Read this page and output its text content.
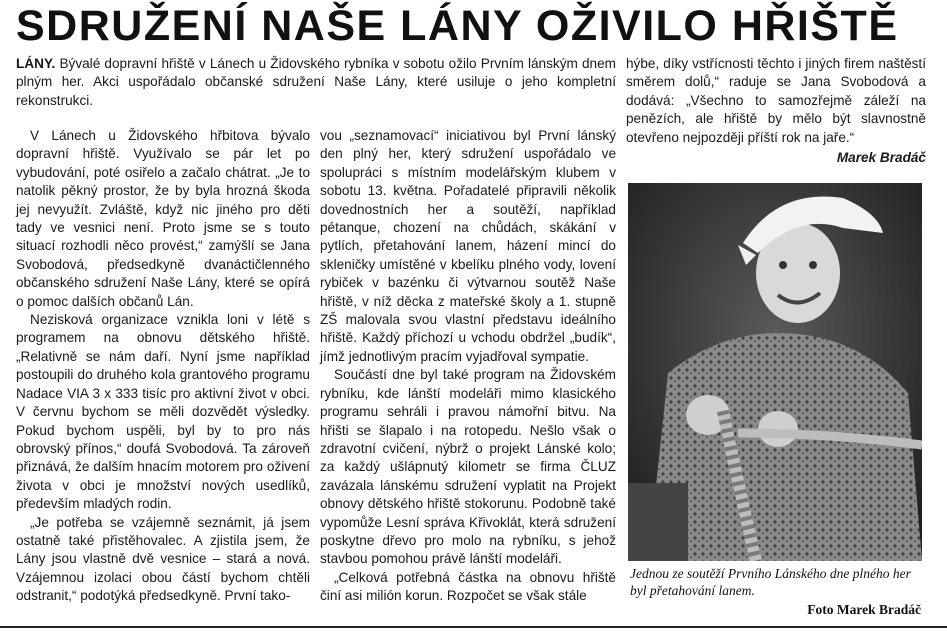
SDRUŽENÍ NAŠE LÁNY OŽIVILO HŘIŠTĚ

LÁNY. Bývalé dopravní hřiště v Lánech u Židovského rybníka v sobotu ožilo Prvním lánským dnem plným her. Akci uspořádalo občanské sdružení Naše Lány, které usiluje o jeho kompletní rekonstrukci.

V Lánech u Židovského hřbitova bývalo dopravní hřiště. Využívalo se pár let po vybudování, poté osiřelo a začalo chátrat. „Je to natolik pěkný prostor, že by byla hrozná škoda jej nevyužít. Zvláště, když nic jiného pro děti tady ve vesnici není. Proto jsme se s touto situací rozhodli něco provést,“ zamýšlí se Jana Svobodová, předsedkyně dvanáctičlenného občanského sdružení Naše Lány, které se opírá o pomoc dalších občanů Lán.

Nezisková organizace vznikla loni v létě s programem na obnovu dětského hřiště. „Relativně se nám daří. Nyní jsme například postoupili do druhého kola grantového programu Nadace VIA 3 x 333 tisíc pro aktivní život v obci. V červnu bychom se měli dozvědět výsledky. Pokud bychom uspěli, byl by to pro nás obrovský přínos,“ doufá Svobodová. Ta zároveň přiznává, že dalším hnacím motorem pro oživení života v obci je množství nových usedlíků, především mladých rodin.

„Je potřeba se vzájemně seznámit, já jsem ostatně také přistěhovalec. A zjistila jsem, že Lány jsou vlastně dvě vesnice – stará a nová. Vzájemnou izolaci obou částí bychom chtěli odstranit,“ podotýká předsedkyně. První tako-

vou „seznamovací“ iniciativou byl První lánský den plný her, který sdružení uspořádalo ve spolupráci s místním modelářským klubem v sobotu 13. května. Pořadatelé připravili několik dovednostních her a soutěží, například pétanque, chození na chůdách, skákání v pytlích, přetahování lanem, házení mincí do skleničky umístěné v kbelíku plného vody, lovení rybiček v bazénku či výtvarnou soutěž Naše hřiště, v níž děcka z mateřské školy a 1. stupně ZŠ malovala svou vlastní představu ideálního hřiště. Každý příchozí u vchodu obdržel „budík“, jímž jednotlivým pracím vyjadřoval sympatie.

Součástí dne byl také program na Židovském rybníku, kde lánští modeláři mimo klasického programu sehráli i pravou námořní bitvu. Na hřišti se šlapalo i na rotopedu. Nešlo však o zdravotní cvičení, nýbrž o projekt Lánské kolo; za každý ušlápnutý kilometr se firma ČLUZ zavázala lánskému sdružení vyplatit na Projekt obnovy dětského hřiště stokorunu. Podobně také vypomůže Lesní správa Křivoklát, která sdružení poskytne dřevo pro molo na rybníku, s jehož stavbou pomohou právě lánští modeláři.

„Celková potřebná částka na obnovu hřiště činí asi milión korun. Rozpočet se však stále

hýbe, díky vstřícnosti těchto i jiných firem naštěstí směrem dolů,“ raduje se Jana Svobodová a dodává: „Všechno to samozřejmě záleží na penězích, ale hřiště by mělo být slavnostně otevřeno nejpozději příští rok na jaře.“

Marek Bradáč
Jednou ze soutěží Prvního Lánského dne plného her byl přetahování lanem.
Foto Marek Bradáč
